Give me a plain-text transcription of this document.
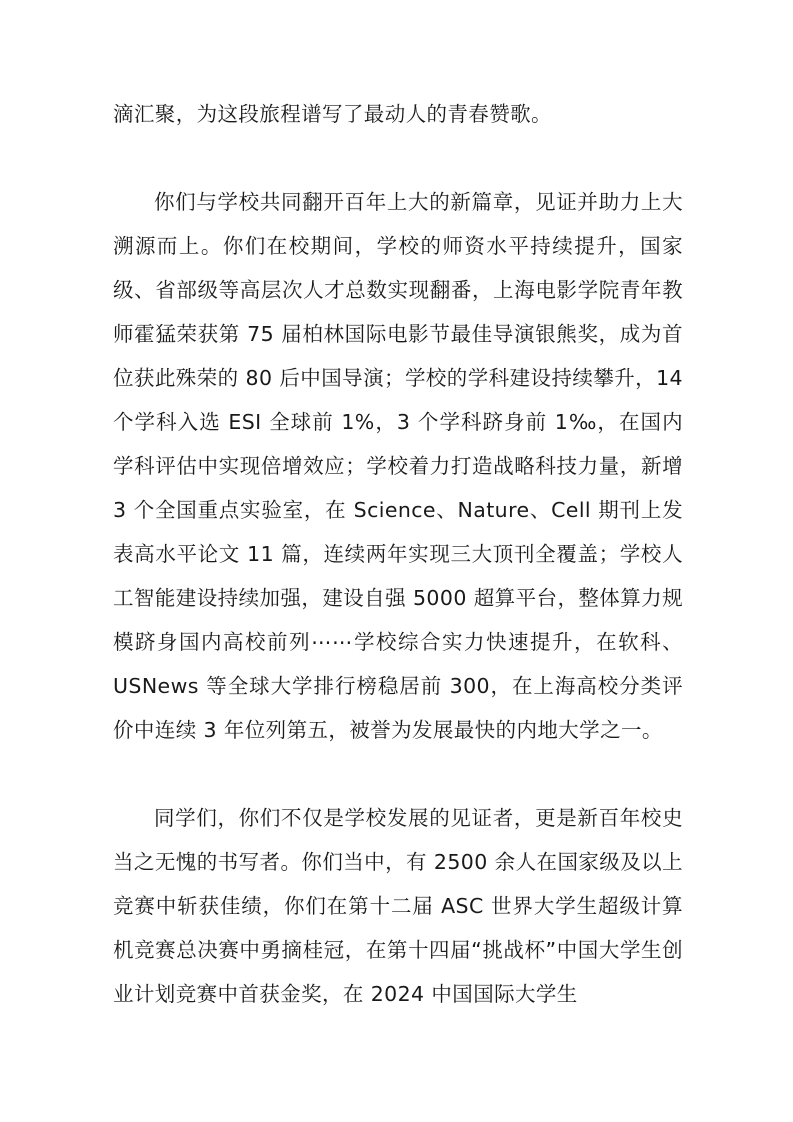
滴汇聚，为这段旅程谱写了最动人的青春赞歌。

你们与学校共同翻开百年上大的新篇章，见证并助力上大溯源而上。你们在校期间，学校的师资水平持续提升，国家级、省部级等高层次人才总数实现翻番，上海电影学院青年教师霍猛荣获第 75 届柏林国际电影节最佳导演银熊奖，成为首位获此殊荣的 80 后中国导演；学校的学科建设持续攀升，14 个学科入选 ESI 全球前 1%，3 个学科跻身前 1‰，在国内学科评估中实现倍增效应；学校着力打造战略科技力量，新增 3 个全国重点实验室，在 Science、Nature、Cell 期刊上发表高水平论文 11 篇，连续两年实现三大顶刊全覆盖；学校人工智能建设持续加强，建设自强 5000 超算平台，整体算力规模跻身国内高校前列⋯⋯学校综合实力快速提升，在软科、USNews 等全球大学排行榜稳居前 300，在上海高校分类评价中连续 3 年位列第五，被誉为发展最快的内地大学之一。

同学们，你们不仅是学校发展的见证者，更是新百年校史当之无愧的书写者。你们当中，有 2500 余人在国家级及以上竞赛中斩获佳绩，你们在第十二届 ASC 世界大学生超级计算机竞赛总决赛中勇摘桂冠，在第十四届“挑战杯”中国大学生创业计划竞赛中首获金奖，在 2024 中国国际大学生
